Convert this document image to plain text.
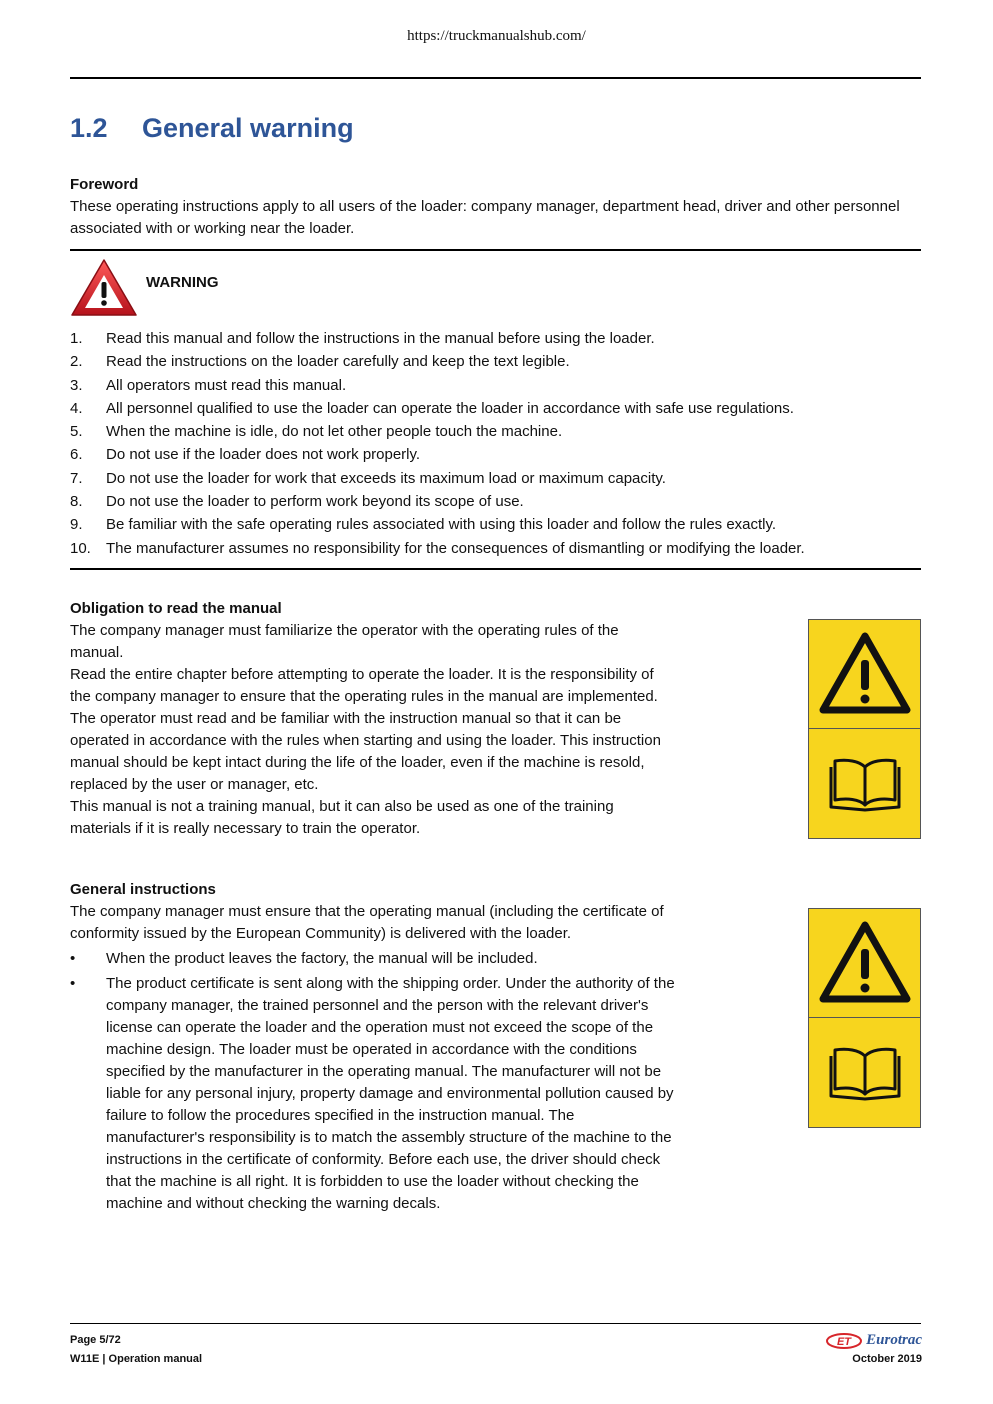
https://truckmanualshub.com/
1.2 General warning
Foreword
These operating instructions apply to all users of the loader: company manager, department head, driver and other personnel associated with or working near the loader.
WARNING
1.	Read this manual and follow the instructions in the manual before using the loader.
2.	Read the instructions on the loader carefully and keep the text legible.
3.	All operators must read this manual.
4.	All personnel qualified to use the loader can operate the loader in accordance with safe use regulations.
5.	When the machine is idle, do not let other people touch the machine.
6.	Do not use if the loader does not work properly.
7.	Do not use the loader for work that exceeds its maximum load or maximum capacity.
8.	Do not use the loader to perform work beyond its scope of use.
9.	Be familiar with the safe operating rules associated with using this loader and follow the rules exactly.
10.	The manufacturer assumes no responsibility for the consequences of dismantling or modifying the loader.
Obligation to read the manual
The company manager must familiarize the operator with the operating rules of the manual.
Read the entire chapter before attempting to operate the loader. It is the responsibility of the company manager to ensure that the operating rules in the manual are implemented. The operator must read and be familiar with the instruction manual so that it can be operated in accordance with the rules when starting and using the loader. This instruction manual should be kept intact during the life of the loader, even if the machine is resold, replaced by the user or manager, etc.
This manual is not a training manual, but it can also be used as one of the training materials if it is really necessary to train the operator.
General instructions
The company manager must ensure that the operating manual (including the certificate of conformity issued by the European Community) is delivered with the loader.
•	When the product leaves the factory, the manual will be included.
•	The product certificate is sent along with the shipping order. Under the authority of the company manager, the trained personnel and the person with the relevant driver's license can operate the loader and the operation must not exceed the scope of the machine design. The loader must be operated in accordance with the conditions specified by the manufacturer in the operating manual. The manufacturer will not be liable for any personal injury, property damage and environmental pollution caused by failure to follow the procedures specified in the instruction manual. The manufacturer's responsibility is to match the assembly structure of the machine to the instructions in the certificate of conformity. Before each use, the driver should check that the machine is all right. It is forbidden to use the loader without checking the machine and without checking the warning decals.
Page 5/72
W11E | Operation manual
ET Eurotrac
October 2019
